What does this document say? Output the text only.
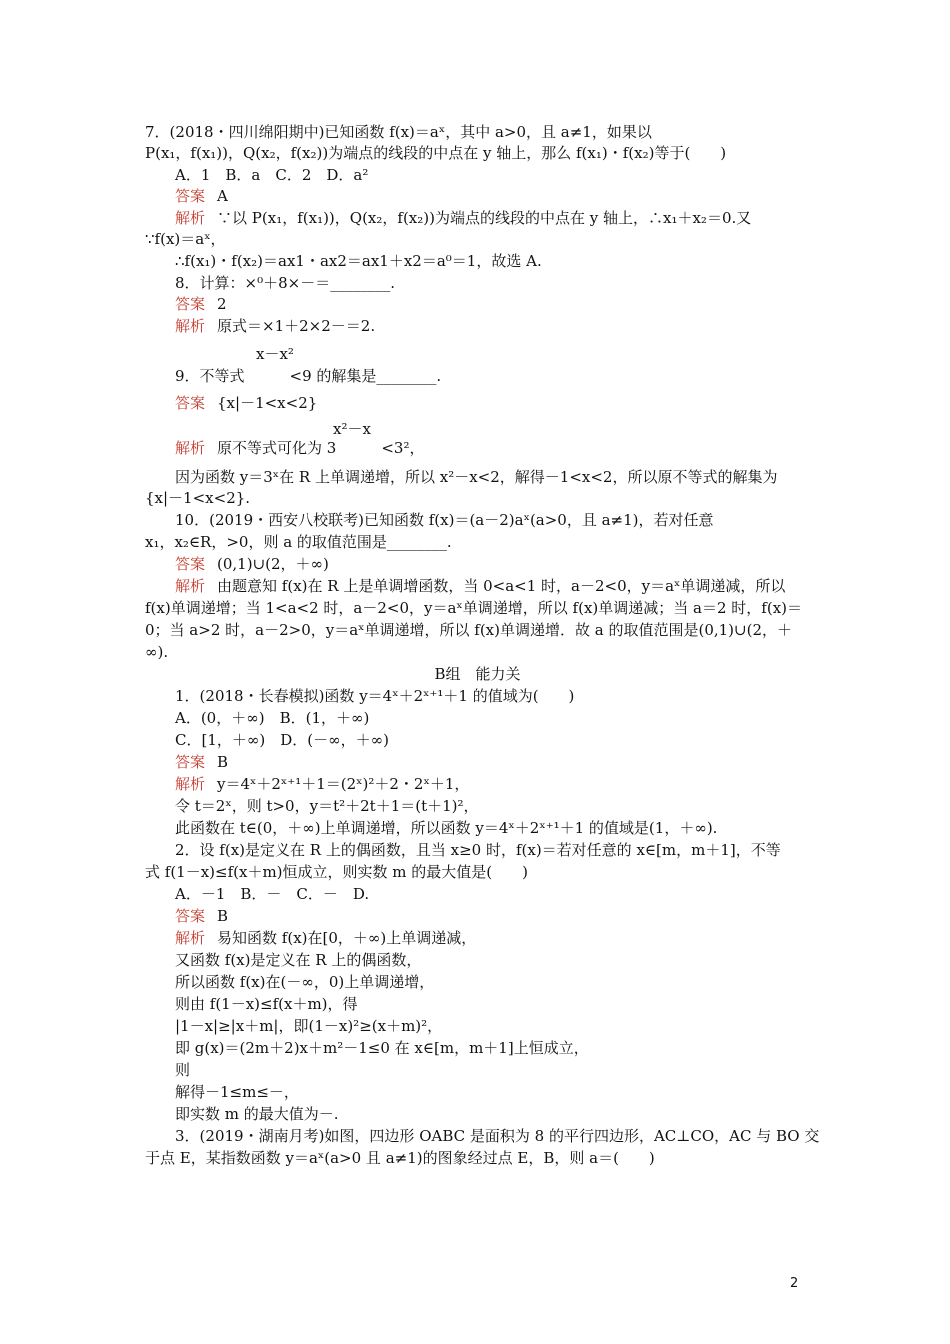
7．(2018・四川绵阳期中)已知函数 f(x)＝aˣ，其中 a>0，且 a≠1，如果以
P(x₁，f(x₁))，Q(x₂，f(x₂))为端点的线段的中点在 y 轴上，那么 f(x₁)・f(x₂)等于(　　)
A．1　B．a　C．2　D．a²
答案 A
解析 ∵以 P(x₁，f(x₁))，Q(x₂，f(x₂))为端点的线段的中点在 y 轴上，∴x₁＋x₂＝0.又
∵f(x)＝aˣ，
∴f(x₁)・f(x₂)＝ax1・ax2＝ax1＋x2＝a⁰＝1，故选 A.
8．计算：×⁰＋8×－＝________.
答案 2
解析 原式＝×1＋2×2－＝2.
x－x²
9．不等式　　　<9 的解集是________.
答案 {x|－1<x<2}
x²－x
解析 原不等式可化为 3　　　<3²，
因为函数 y＝3ˣ在 R 上单调递增，所以 x²－x<2，解得－1<x<2，所以原不等式的解集为
{x|－1<x<2}.
10．(2019・西安八校联考)已知函数 f(x)＝(a－2)aˣ(a>0，且 a≠1)，若对任意
x₁，x₂∈R，>0，则 a 的取值范围是________.
答案 (0,1)∪(2，＋∞)
解析 由题意知 f(x)在 R 上是单调增函数，当 0<a<1 时，a－2<0，y＝aˣ单调递减，所以
f(x)单调递增；当 1<a<2 时，a－2<0，y＝aˣ单调递增，所以 f(x)单调递减；当 a＝2 时，f(x)＝
0；当 a>2 时，a－2>0，y＝aˣ单调递增，所以 f(x)单调递增．故 a 的取值范围是(0,1)∪(2，＋
∞).
B组　能力关
1．(2018・长春模拟)函数 y＝4ˣ＋2ˣ⁺¹＋1 的值域为(　　)
A．(0，＋∞)　B．(1，＋∞)
C．[1，＋∞)　D．(－∞，＋∞)
答案 B
解析 y＝4ˣ＋2ˣ⁺¹＋1＝(2ˣ)²＋2・2ˣ＋1，
令 t＝2ˣ，则 t>0，y＝t²＋2t＋1＝(t＋1)²，
此函数在 t∈(0，＋∞)上单调递增，所以函数 y＝4ˣ＋2ˣ⁺¹＋1 的值域是(1，＋∞).
2．设 f(x)是定义在 R 上的偶函数，且当 x≥0 时，f(x)＝若对任意的 x∈[m，m＋1]，不等
式 f(1－x)≤f(x＋m)恒成立，则实数 m 的最大值是(　　)
A．－1　B．－　C．－　D.
答案 B
解析 易知函数 f(x)在[0，＋∞)上单调递减，
又函数 f(x)是定义在 R 上的偶函数，
所以函数 f(x)在(－∞，0)上单调递增，
则由 f(1－x)≤f(x＋m)，得
|1－x|≥|x＋m|，即(1－x)²≥(x＋m)²，
即 g(x)＝(2m＋2)x＋m²－1≤0 在 x∈[m，m＋1]上恒成立，
则
解得－1≤m≤－，
即实数 m 的最大值为－.
3．(2019・湖南月考)如图，四边形 OABC 是面积为 8 的平行四边形，AC⊥CO，AC 与 BO 交
于点 E，某指数函数 y＝aˣ(a>0 且 a≠1)的图象经过点 E，B，则 a＝(　　)
2
